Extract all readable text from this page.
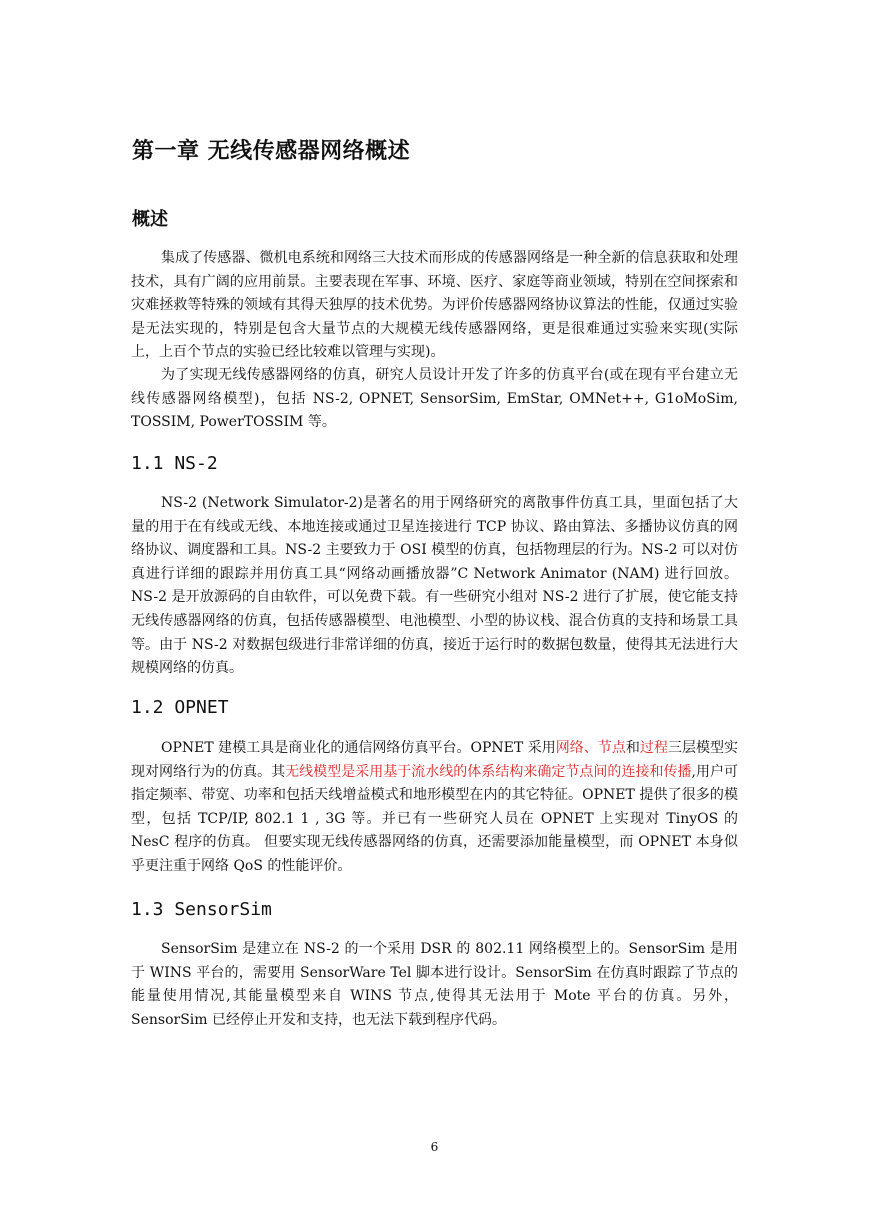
第一章 无线传感器网络概述
概述

集成了传感器、微机电系统和网络三大技术而形成的传感器网络是一种全新的信息获取和处理技术，具有广阔的应用前景。主要表现在军事、环境、医疗、家庭等商业领域，特别在空间探索和灾难拯救等特殊的领域有其得天独厚的技术优势。为评价传感器网络协议算法的性能，仅通过实验是无法实现的，特别是包含大量节点的大规模无线传感器网络，更是很难通过实验来实现(实际上，上百个节点的实验已经比较难以管理与实现)。

为了实现无线传感器网络的仿真，研究人员设计开发了许多的仿真平台(或在现有平台建立无线传感器网络模型)，包括 NS-2, OPNET, SensorSim, EmStar, OMNet++, G1oMoSim, TOSSIM, PowerTOSSIM 等。

1.1 NS-2

NS-2 (Network Simulator-2)是著名的用于网络研究的离散事件仿真工具，里面包括了大量的用于在有线或无线、本地连接或通过卫星连接进行 TCP 协议、路由算法、多播协议仿真的网络协议、调度器和工具。NS-2 主要致力于 OSI 模型的仿真，包括物理层的行为。NS-2 可以对仿真进行详细的跟踪并用仿真工具“网络动画播放器”C Network Animator (NAM) 进行回放。NS-2 是开放源码的自由软件，可以免费下载。有一些研究小组对 NS-2 进行了扩展，使它能支持无线传感器网络的仿真，包括传感器模型、电池模型、小型的协议栈、混合仿真的支持和场景工具等。由于 NS-2 对数据包级进行非常详细的仿真，接近于运行时的数据包数量，使得其无法进行大规模网络的仿真。

1.2 OPNET

OPNET 建模工具是商业化的通信网络仿真平台。OPNET 采用网络、节点和过程三层模型实现对网络行为的仿真。其无线模型是采用基于流水线的体系结构来确定节点间的连接和传播,用户可指定频率、带宽、功率和包括天线增益模式和地形模型在内的其它特征。OPNET 提供了很多的模型，包括 TCP/IP, 802.1 1 , 3G 等。并已有一些研究人员在 OPNET 上实现对 TinyOS 的 NesC 程序的仿真。 但要实现无线传感器网络的仿真，还需要添加能量模型，而 OPNET 本身似乎更注重于网络 QoS 的性能评价。

1.3 SensorSim

SensorSim 是建立在 NS-2 的一个采用 DSR 的 802.11 网络模型上的。SensorSim 是用于 WINS 平台的，需要用 SensorWare Tel 脚本进行设计。SensorSim 在仿真时跟踪了节点的能量使用情况,其能量模型来自 WINS 节点,使得其无法用于 Mote 平台的仿真。另外，SensorSim 已经停止开发和支持，也无法下载到程序代码。

6
